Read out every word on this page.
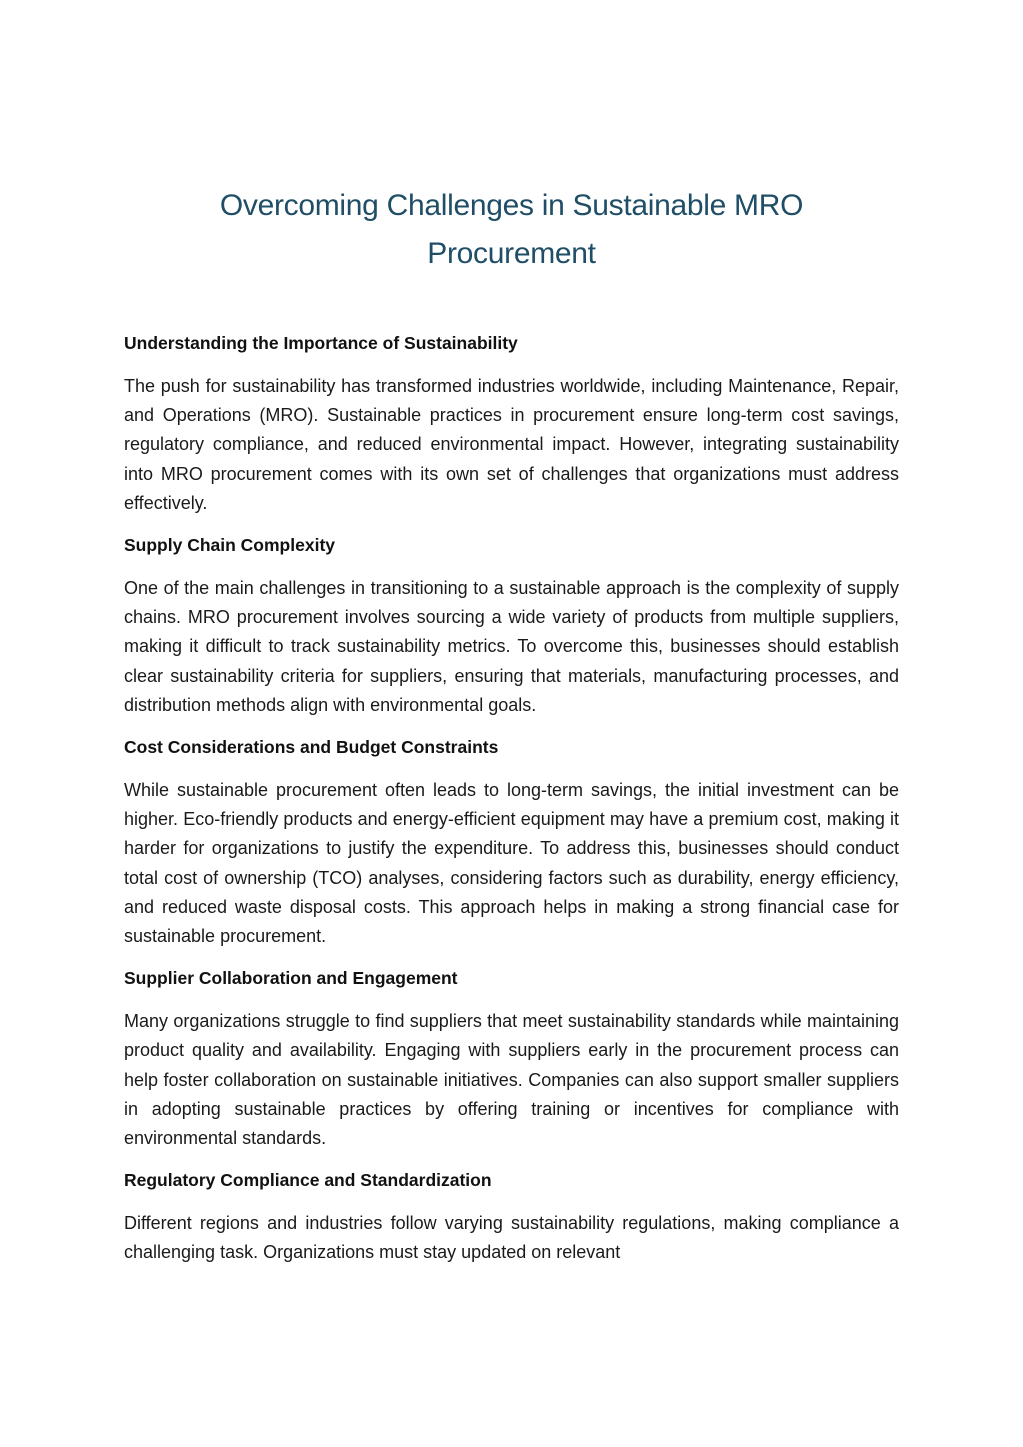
Overcoming Challenges in Sustainable MRO
Procurement
Understanding the Importance of Sustainability

The push for sustainability has transformed industries worldwide, including Maintenance, Repair, and Operations (MRO). Sustainable practices in procurement ensure long-term cost savings, regulatory compliance, and reduced environmental impact. However, integrating sustainability into MRO procurement comes with its own set of challenges that organizations must address effectively.

Supply Chain Complexity

One of the main challenges in transitioning to a sustainable approach is the complexity of supply chains. MRO procurement involves sourcing a wide variety of products from multiple suppliers, making it difficult to track sustainability metrics. To overcome this, businesses should establish clear sustainability criteria for suppliers, ensuring that materials, manufacturing processes, and distribution methods align with environmental goals.

Cost Considerations and Budget Constraints

While sustainable procurement often leads to long-term savings, the initial investment can be higher. Eco-friendly products and energy-efficient equipment may have a premium cost, making it harder for organizations to justify the expenditure. To address this, businesses should conduct total cost of ownership (TCO) analyses, considering factors such as durability, energy efficiency, and reduced waste disposal costs. This approach helps in making a strong financial case for sustainable procurement.

Supplier Collaboration and Engagement

Many organizations struggle to find suppliers that meet sustainability standards while maintaining product quality and availability. Engaging with suppliers early in the procurement process can help foster collaboration on sustainable initiatives. Companies can also support smaller suppliers in adopting sustainable practices by offering training or incentives for compliance with environmental standards.

Regulatory Compliance and Standardization

Different regions and industries follow varying sustainability regulations, making compliance a challenging task. Organizations must stay updated on relevant
